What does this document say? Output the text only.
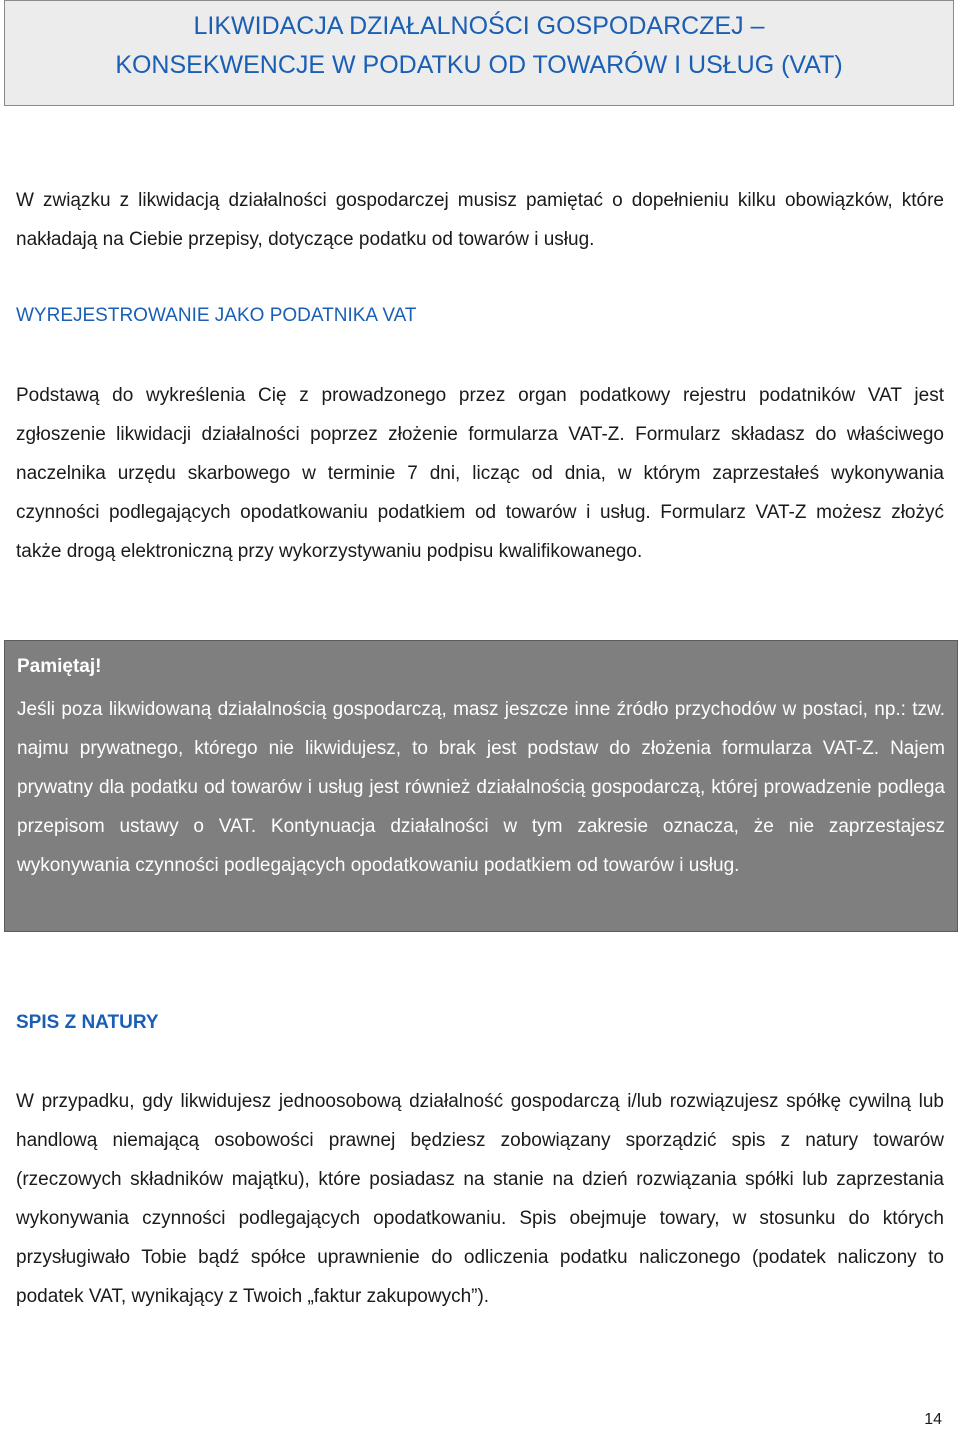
LIKWIDACJA DZIAŁALNOŚCI GOSPODARCZEJ –
KONSEKWENCJE W PODATKU OD TOWARÓW I USŁUG (VAT)

W związku z likwidacją działalności gospodarczej musisz pamiętać o dopełnieniu kilku obowiązków, które nakładają na Ciebie przepisy, dotyczące podatku od towarów i usług.

WYREJESTROWANIE JAKO PODATNIKA VAT

Podstawą do wykreślenia Cię z prowadzonego przez organ podatkowy rejestru podatników VAT jest zgłoszenie likwidacji działalności poprzez złożenie formularza VAT-Z. Formularz składasz do właściwego naczelnika urzędu skarbowego w terminie 7 dni, licząc od dnia, w którym zaprzestałeś wykonywania czynności podlegających opodatkowaniu podatkiem od towarów i usług. Formularz VAT-Z możesz złożyć także drogą elektroniczną przy wykorzystywaniu podpisu kwalifikowanego.

Pamiętaj!

Jeśli poza likwidowaną działalnością gospodarczą, masz jeszcze inne źródło przychodów w postaci, np.: tzw. najmu prywatnego, którego nie likwidujesz, to brak jest podstaw do złożenia formularza VAT-Z. Najem prywatny dla podatku od towarów i usług jest również działalnością gospodarczą, której prowadzenie podlega przepisom ustawy o VAT. Kontynuacja działalności w tym zakresie oznacza, że nie zaprzestajesz wykonywania czynności podlegających opodatkowaniu podatkiem od towarów i usług.

SPIS Z NATURY

W przypadku, gdy likwidujesz jednoosobową działalność gospodarczą i/lub rozwiązujesz spółkę cywilną lub handlową niemającą osobowości prawnej będziesz zobowiązany sporządzić spis z natury towarów (rzeczowych składników majątku), które posiadasz na stanie na dzień rozwiązania spółki lub zaprzestania wykonywania czynności podlegających opodatkowaniu. Spis obejmuje towary, w stosunku do których przysługiwało Tobie bądź spółce uprawnienie do odliczenia podatku naliczonego (podatek naliczony to podatek VAT, wynikający z Twoich „faktur zakupowych”).

14
